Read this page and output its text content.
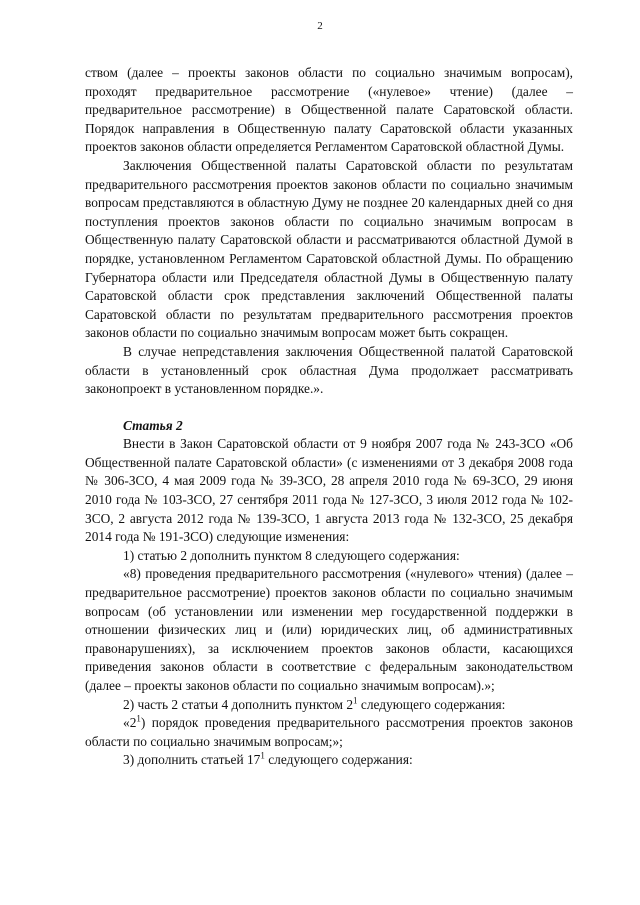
2

ством (далее – проекты законов области по социально значимым вопросам), проходят предварительное рассмотрение («нулевое» чтение) (далее – предварительное рассмотрение) в Общественной палате Саратовской области. Порядок направления в Общественную палату Саратовской области указанных проектов законов области определяется Регламентом Саратовской областной Думы.

Заключения Общественной палаты Саратовской области по результатам предварительного рассмотрения проектов законов области по социально значимым вопросам представляются в областную Думу не позднее 20 календарных дней со дня поступления проектов законов области по социально значимым вопросам в Общественную палату Саратовской области и рассматриваются областной Думой в порядке, установленном Регламентом Саратовской областной Думы. По обращению Губернатора области или Председателя областной Думы в Общественную палату Саратовской области срок представления заключений Общественной палаты Саратовской области по результатам предварительного рассмотрения проектов законов области по социально значимым вопросам может быть сокращен.

В случае непредставления заключения Общественной палатой Саратовской области в установленный срок областная Дума продолжает рассматривать законопроект в установленном порядке.».

Статья 2

Внести в Закон Саратовской области от 9 ноября 2007 года № 243-ЗСО «Об Общественной палате Саратовской области» (с изменениями от 3 декабря 2008 года № 306-ЗСО, 4 мая 2009 года № 39-ЗСО, 28 апреля 2010 года № 69-ЗСО, 29 июня 2010 года № 103-ЗСО, 27 сентября 2011 года № 127-ЗСО, 3 июля 2012 года № 102-ЗСО, 2 августа 2012 года № 139-ЗСО, 1 августа 2013 года № 132-ЗСО, 25 декабря 2014 года № 191-ЗСО) следующие изменения:

1) статью 2 дополнить пунктом 8 следующего содержания:

«8) проведения предварительного рассмотрения («нулевого» чтения) (далее – предварительное рассмотрение) проектов законов области по социально значимым вопросам (об установлении или изменении мер государственной поддержки в отношении физических лиц и (или) юридических лиц, об административных правонарушениях), за исключением проектов законов области, касающихся приведения законов области в соответствие с федеральным законодательством (далее – проекты законов области по социально значимым вопросам).»;

2) часть 2 статьи 4 дополнить пунктом $2^1$ следующего содержания:

«$2^1$) порядок проведения предварительного рассмотрения проектов законов области по социально значимым вопросам;»;

3) дополнить статьей $17^1$ следующего содержания:
